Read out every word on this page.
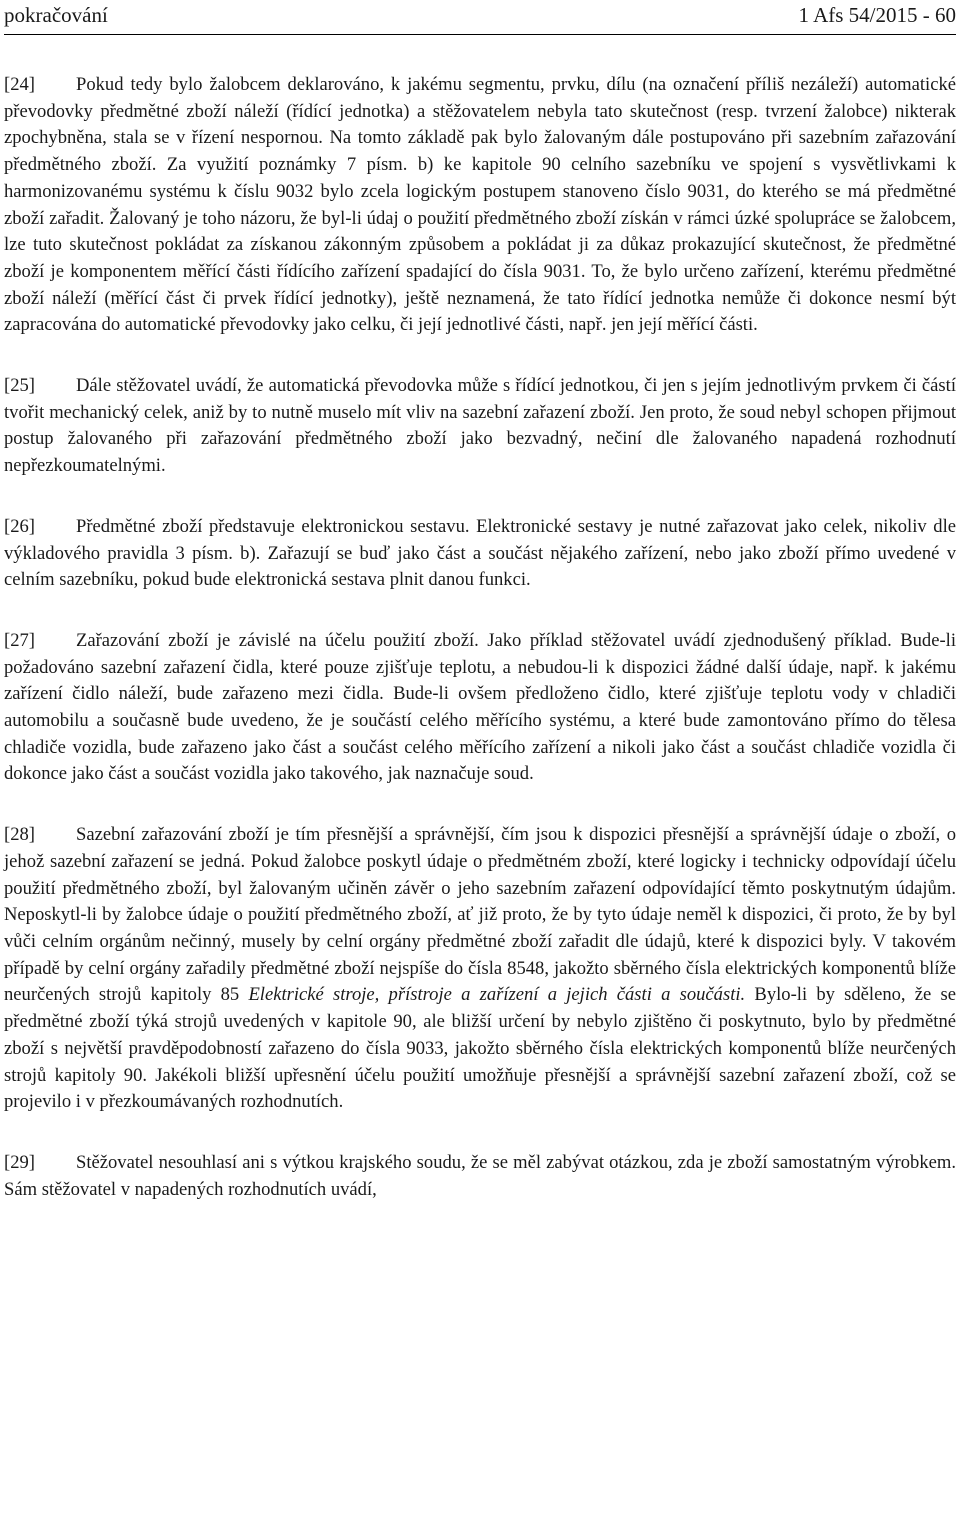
pokračování	1 Afs 54/2015 - 60

[24] Pokud tedy bylo žalobcem deklarováno, k jakému segmentu, prvku, dílu (na označení příliš nezáleží) automatické převodovky předmětné zboží náleží (řídící jednotka) a stěžovatelem nebyla tato skutečnost (resp. tvrzení žalobce) nikterak zpochybněna, stala se v řízení nespornou. Na tomto základě pak bylo žalovaným dále postupováno při sazebním zařazování předmětného zboží. Za využití poznámky 7 písm. b) ke kapitole 90 celního sazebníku ve spojení s vysvětlivkami k harmonizovanému systému k číslu 9032 bylo zcela logickým postupem stanoveno číslo 9031, do kterého se má předmětné zboží zařadit. Žalovaný je toho názoru, že byl-li údaj o použití předmětného zboží získán v rámci úzké spolupráce se žalobcem, lze tuto skutečnost pokládat za získanou zákonným způsobem a pokládat ji za důkaz prokazující skutečnost, že předmětné zboží je komponentem měřící části řídícího zařízení spadající do čísla 9031. To, že bylo určeno zařízení, kterému předmětné zboží náleží (měřící část či prvek řídící jednotky), ještě neznamená, že tato řídící jednotka nemůže či dokonce nesmí být zapracována do automatické převodovky jako celku, či její jednotlivé části, např. jen její měřící části.

[25] Dále stěžovatel uvádí, že automatická převodovka může s řídící jednotkou, či jen s jejím jednotlivým prvkem či částí tvořit mechanický celek, aniž by to nutně muselo mít vliv na sazební zařazení zboží. Jen proto, že soud nebyl schopen přijmout postup žalovaného při zařazování předmětného zboží jako bezvadný, nečiní dle žalovaného napadená rozhodnutí nepřezkoumatelnými.

[26] Předmětné zboží představuje elektronickou sestavu. Elektronické sestavy je nutné zařazovat jako celek, nikoliv dle výkladového pravidla 3 písm. b). Zařazují se buď jako část a součást nějakého zařízení, nebo jako zboží přímo uvedené v celním sazebníku, pokud bude elektronická sestava plnit danou funkci.

[27] Zařazování zboží je závislé na účelu použití zboží. Jako příklad stěžovatel uvádí zjednodušený příklad. Bude-li požadováno sazební zařazení čidla, které pouze zjišťuje teplotu, a nebudou-li k dispozici žádné další údaje, např. k jakému zařízení čidlo náleží, bude zařazeno mezi čidla. Bude-li ovšem předloženo čidlo, které zjišťuje teplotu vody v chladiči automobilu a současně bude uvedeno, že je součástí celého měřícího systému, a které bude zamontováno přímo do tělesa chladiče vozidla, bude zařazeno jako část a součást celého měřícího zařízení a nikoli jako část a součást chladiče vozidla či dokonce jako část a součást vozidla jako takového, jak naznačuje soud.

[28] Sazební zařazování zboží je tím přesnější a správnější, čím jsou k dispozici přesnější a správnější údaje o zboží, o jehož sazební zařazení se jedná. Pokud žalobce poskytl údaje o předmětném zboží, které logicky i technicky odpovídají účelu použití předmětného zboží, byl žalovaným učiněn závěr o jeho sazebním zařazení odpovídající těmto poskytnutým údajům. Neposkytl-li by žalobce údaje o použití předmětného zboží, ať již proto, že by tyto údaje neměl k dispozici, či proto, že by byl vůči celním orgánům nečinný, musely by celní orgány předmětné zboží zařadit dle údajů, které k dispozici byly. V takovém případě by celní orgány zařadily předmětné zboží nejspíše do čísla 8548, jakožto sběrného čísla elektrických komponentů blíže neurčených strojů kapitoly 85 Elektrické stroje, přístroje a zařízení a jejich části a součásti. Bylo-li by sděleno, že se předmětné zboží týká strojů uvedených v kapitole 90, ale bližší určení by nebylo zjištěno či poskytnuto, bylo by předmětné zboží s největší pravděpodobností zařazeno do čísla 9033, jakožto sběrného čísla elektrických komponentů blíže neurčených strojů kapitoly 90. Jakékoli bližší upřesnění účelu použití umožňuje přesnější a správnější sazební zařazení zboží, což se projevilo i v přezkoumávaných rozhodnutích.

[29] Stěžovatel nesouhlasí ani s výtkou krajského soudu, že se měl zabývat otázkou, zda je zboží samostatným výrobkem. Sám stěžovatel v napadených rozhodnutích uvádí,
